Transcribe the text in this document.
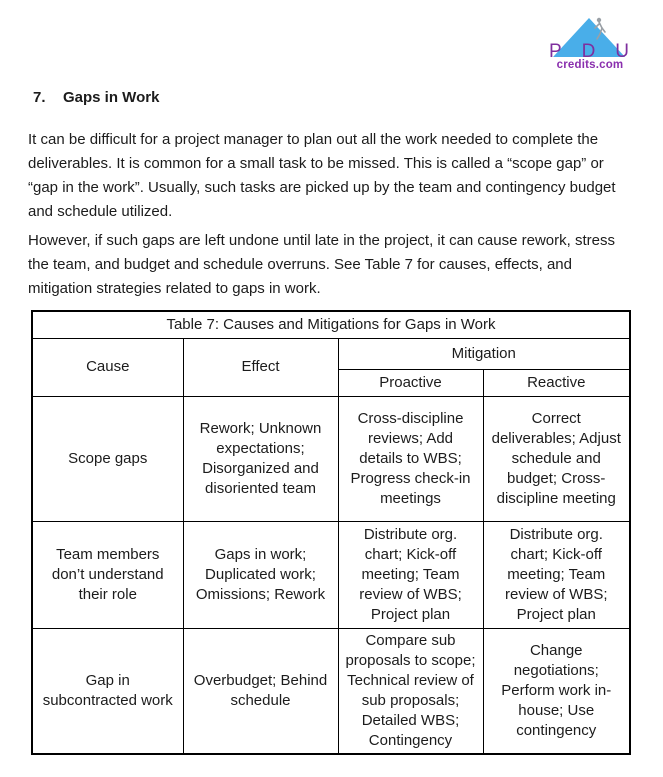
P D U
credits.com
7.	Gaps in Work

It can be difficult for a project manager to plan out all the work needed to complete the deliverables. It is common for a small task to be missed. This is called a “scope gap” or “gap in the work”. Usually, such tasks are picked up by the team and contingency budget and schedule utilized.

However, if such gaps are left undone until late in the project, it can cause rework, stress the team, and budget and schedule overruns. See Table 7 for causes, effects, and mitigation strategies related to gaps in work.

Table 7: Causes and Mitigations for Gaps in Work			
Cause	Effect	Mitigation	
		Proactive	Reactive
Scope gaps	Rework; Unknown expectations; Disorganized and disoriented team	Cross-discipline reviews; Add details to WBS; Progress check-in meetings	Correct deliverables; Adjust schedule and budget; Cross-discipline meeting
Team members don’t understand their role	Gaps in work; Duplicated work; Omissions; Rework	Distribute org. chart; Kick-off meeting; Team review of WBS; Project plan	Distribute org. chart; Kick-off meeting; Team review of WBS; Project plan
Gap in subcontracted work	Overbudget; Behind schedule	Compare sub proposals to scope; Technical review of sub proposals; Detailed WBS; Contingency	Change negotiations; Perform work in-house; Use contingency
